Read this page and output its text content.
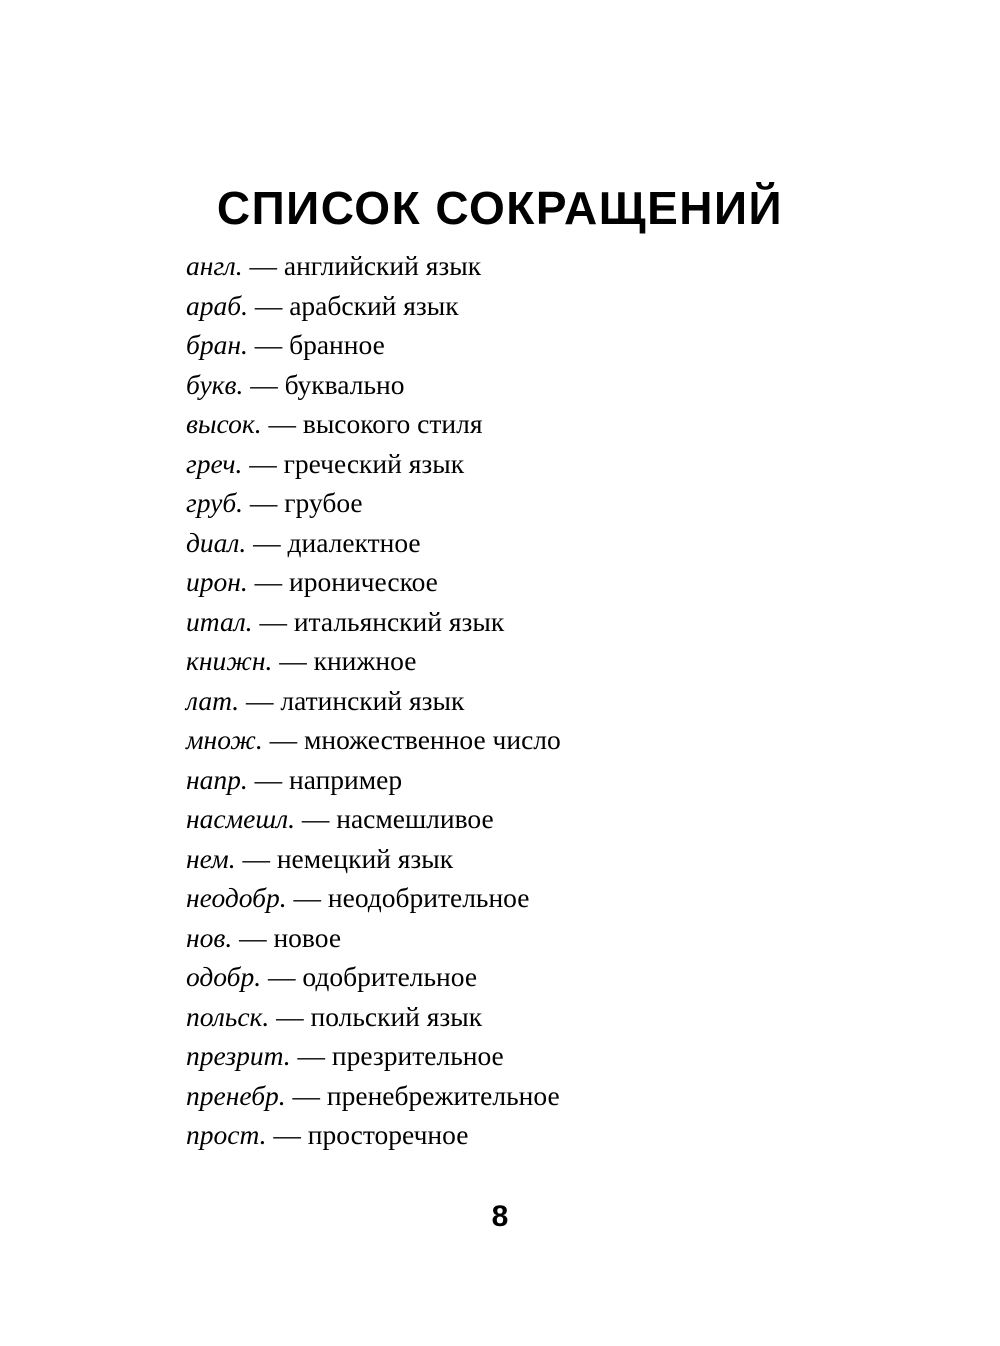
СПИСОК СОКРАЩЕНИЙ
англ. — английский язык
араб. — арабский язык
бран. — бранное
букв. — буквально
высок. — высокого стиля
греч. — греческий язык
груб. — грубое
диал. — диалектное
ирон. — ироническое
итал. — итальянский язык
книжн. — книжное
лат. — латинский язык
множ. — множественное число
напр. — например
насмешл. — насмешливое
нем. — немецкий язык
неодобр. — неодобрительное
нов. — новое
одобр. — одобрительное
польск. — польский язык
презрит. — презрительное
пренебр. — пренебрежительное
прост. — просторечное
8
